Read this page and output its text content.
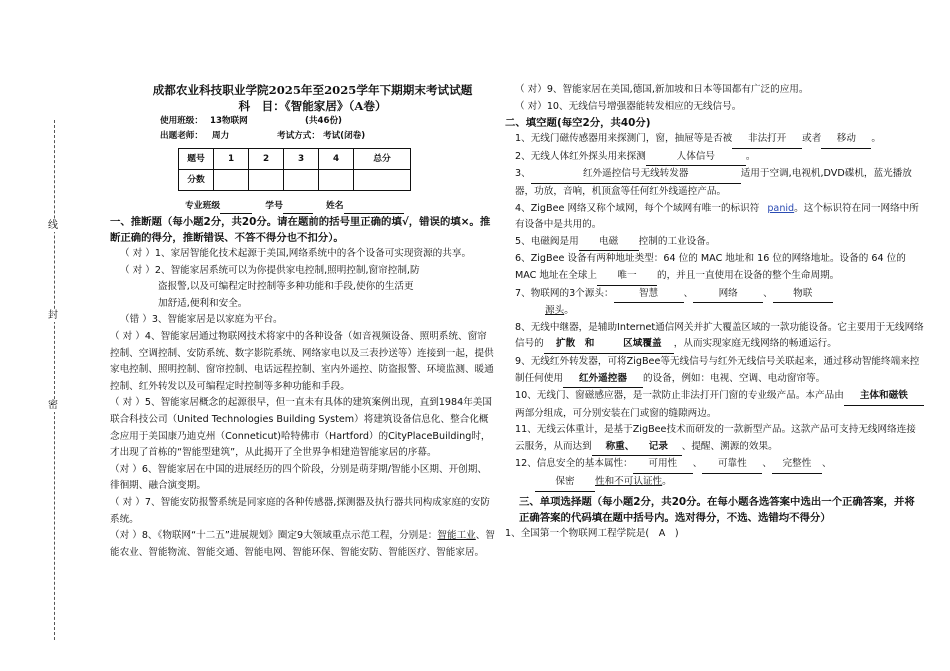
线
封
密
成都农业科技职业学院2025年至2025学年下期期末考试试题
科　目：《智能家居》（A卷）
使用班级： 13物联网	(共46份)
出题老师： 周力	考试方式： 考试(闭卷)
题号	1	2	3	4	总分
分数					
专业班级	学号	姓名
一、推断题（每小题2分，共20分。请在题前的括号里正确的填√，错误的填×。推断正确的得分，推断错误、不答不得分也不扣分）。
（ 对 ）1、家居智能化技术起源于美国,网络系统中的各个设备可实现资源的共享。
（ 对 ）2、智能家居系统可以为你提供家电控制,照明控制,窗帘控制,防
盗报警,以及可编程定时控制等多种功能和手段,使你的生活更
加舒适,便利和安全。
（错 ）3、智能家居是以家庭为平台。
（ 对 ）4、智能家居通过物联网技术将家中的各种设备（如音视频设备、照明系统、窗帘控制、空调控制、安防系统、数字影院系统、网络家电以及三表抄送等）连接到一起，提供家电控制、照明控制、窗帘控制、电话远程控制、室内外遥控、防盗报警、环境监测、暖通控制、红外转发以及可编程定时控制等多种功能和手段。
（ 对 ）5、智能家居概念的起源很早，但一直未有具体的建筑案例出现，直到1984年美国联合科技公司（United Technologies Building System）将建筑设备信息化、整合化概念应用于美国康乃迪克州（Conneticut)哈特佛市（Hartford）的CityPlaceBuilding时，才出现了首栋的“智能型建筑”，从此揭开了全世界争相建造智能家居的序幕。
（对 ）6、智能家居在中国的进展经历的四个阶段，分别是萌芽期/智能小区期、开创期、徘徊期、融合演变期。
（ 对 ）7、智能安防报警系统是同家庭的各种传感器,探测器及执行器共同构成家庭的安防系统。
（对 ）8、《物联网“十二五”进展规划》圈定9大领域重点示范工程，分别是：智能工业、智能农业、智能物流、智能交通、智能电网、智能环保、智能安防、智能医疗、智能家居。
（ 对）9、智能家居在美国,德国,新加坡和日本等国都有广泛的应用。
（ 对）10、无线信号增强器能转发相应的无线信号。
二、填空题(每空2分，共40分)
1、无线门磁传感器用来探测门，窗，抽屉等是否被 非法打开 或者 移动 。
2、无线人体红外探头用来探测	人体信号	。
3、	红外遥控信号无线转发器	适用于空调,电视机,DVD碟机，蓝光播放器，功放，音响，机顶盒等任何红外线遥控产品。
4、ZigBee 网络又称个域网，每个个域网有唯一的标识符 panid。这个标识符在同一网络中所有设备中是共用的。
5、电磁阀是用 电磁 控制的工业设备。
6、ZigBee 设备有两种地址类型：64 位的 MAC 地址和 16 位的网络地址。设备的 64 位的 MAC 地址在全球上 唯一 的，并且一直使用在设备的整个生命周期。
7、物联网的3个源头：	智慧	、	网络	、 物联
源头。
8、无线中继器，是辅助Internet通信网关并扩大覆盖区域的一款功能设备。它主要用于无线网络信号的 扩散　和　　　区域覆盖 ，从而实现家庭无线网络的畅通运行。
9、无线红外转发器，可将ZigBee等无线信号与红外无线信号关联起来，通过移动智能终端来控制任何使用 红外遥控器 的设备，例如：电视、空调、电动窗帘等。
10、无线门、窗磁感应器，是一款防止非法打开门窗的专业级产品。本产品由 主体和磁铁两部分组成，可分别安装在门或窗的缝隙两边。
11、无线云体重计，是基于ZigBee技术而研发的一款新型产品。这款产品可支持无线网络连接云服务，从而达到 称重、　　记录 、提醒、溯源的效果。
12、信息安全的基本属性： 可用性 、 可靠性 、 完整性 、
保密 性和不可认证性。
三、单项选择题（每小题2分，共20分。在每小题各选答案中选出一个正确答案，并将正确答案的代码填在题中括号内。选对得分，不选、选错均不得分）
1、全国第一个物联网工程学院是(　A　)
